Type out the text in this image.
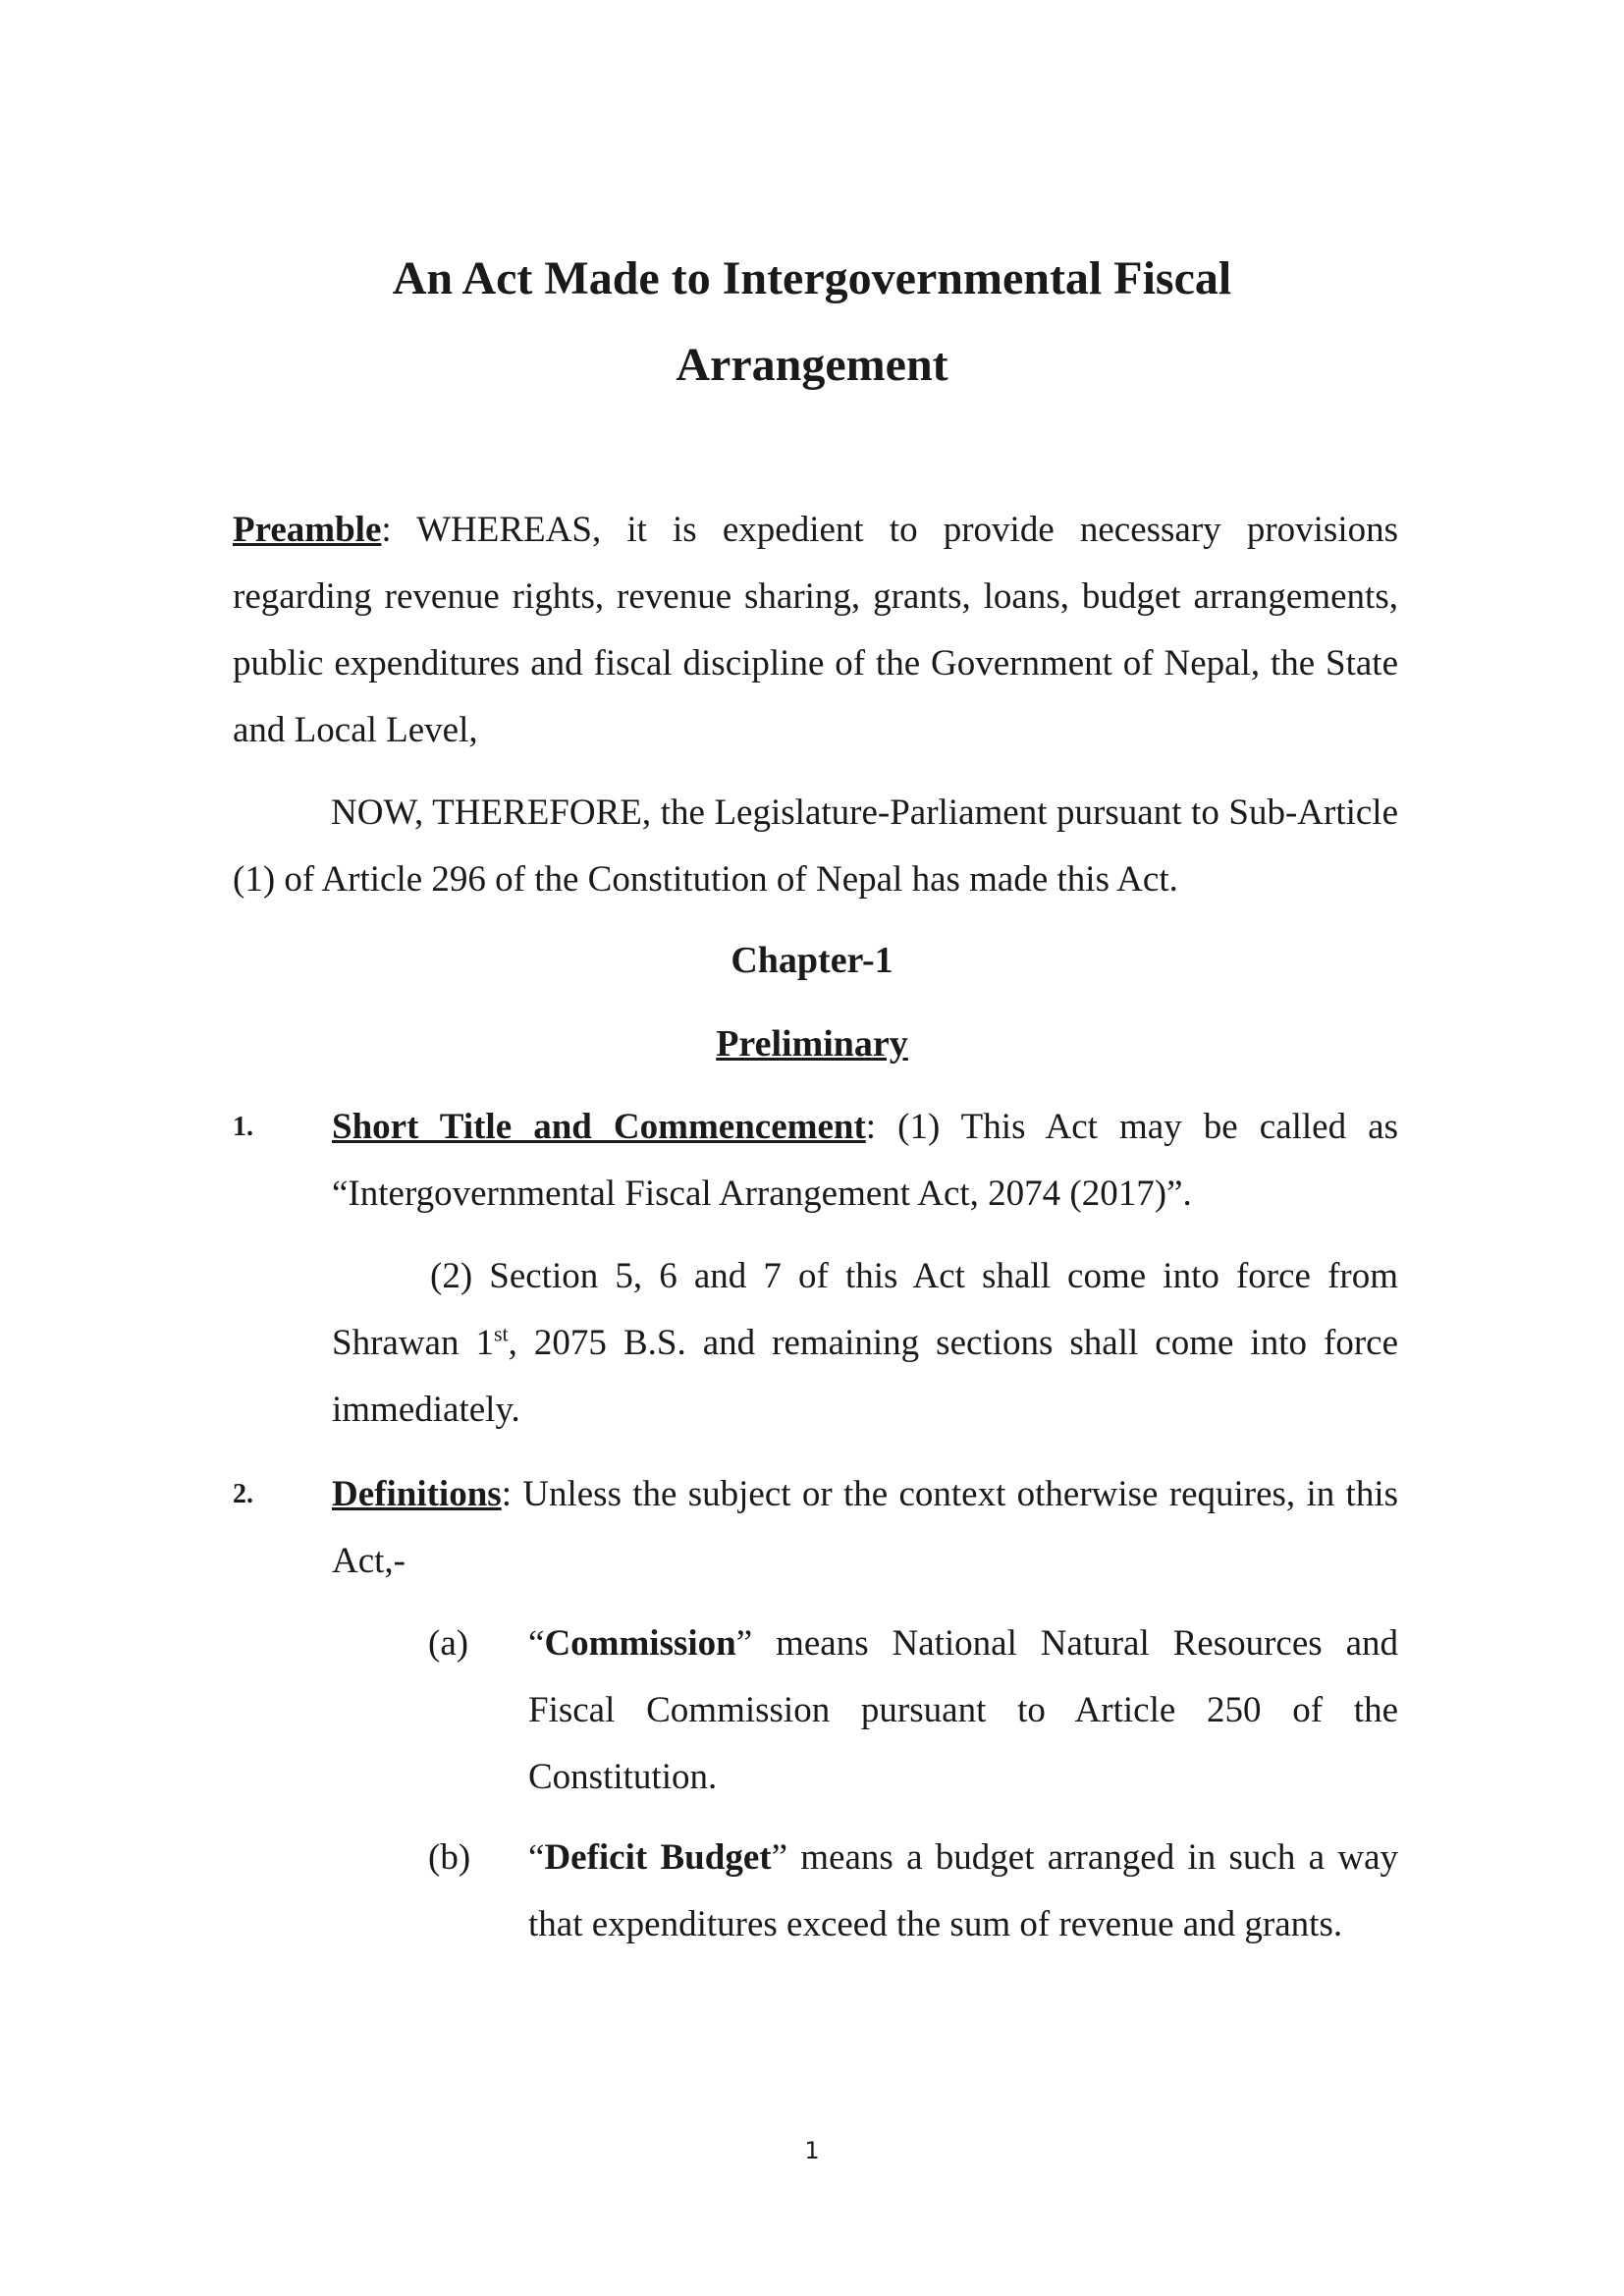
An Act Made to Intergovernmental Fiscal
Arrangement

Preamble: WHEREAS, it is expedient to provide necessary provisions regarding revenue rights, revenue sharing, grants, loans, budget arrangements, public expenditures and fiscal discipline of the Government of Nepal, the State and Local Level,

NOW, THEREFORE, the Legislature-Parliament pursuant to Sub-Article (1) of Article 296 of the Constitution of Nepal has made this Act.

Chapter-1
Preliminary
1. Short Title and Commencement: (1) This Act may be called as “Intergovernmental Fiscal Arrangement Act, 2074 (2017)”.

(2) Section 5, 6 and 7 of this Act shall come into force from Shrawan 1st, 2075 B.S. and remaining sections shall come into force immediately.

2. Definitions: Unless the subject or the context otherwise requires, in this Act,-

(a) “Commission” means National Natural Resources and Fiscal Commission pursuant to Article 250 of the Constitution.

(b) “Deficit Budget” means a budget arranged in such a way that expenditures exceed the sum of revenue and grants.

1
